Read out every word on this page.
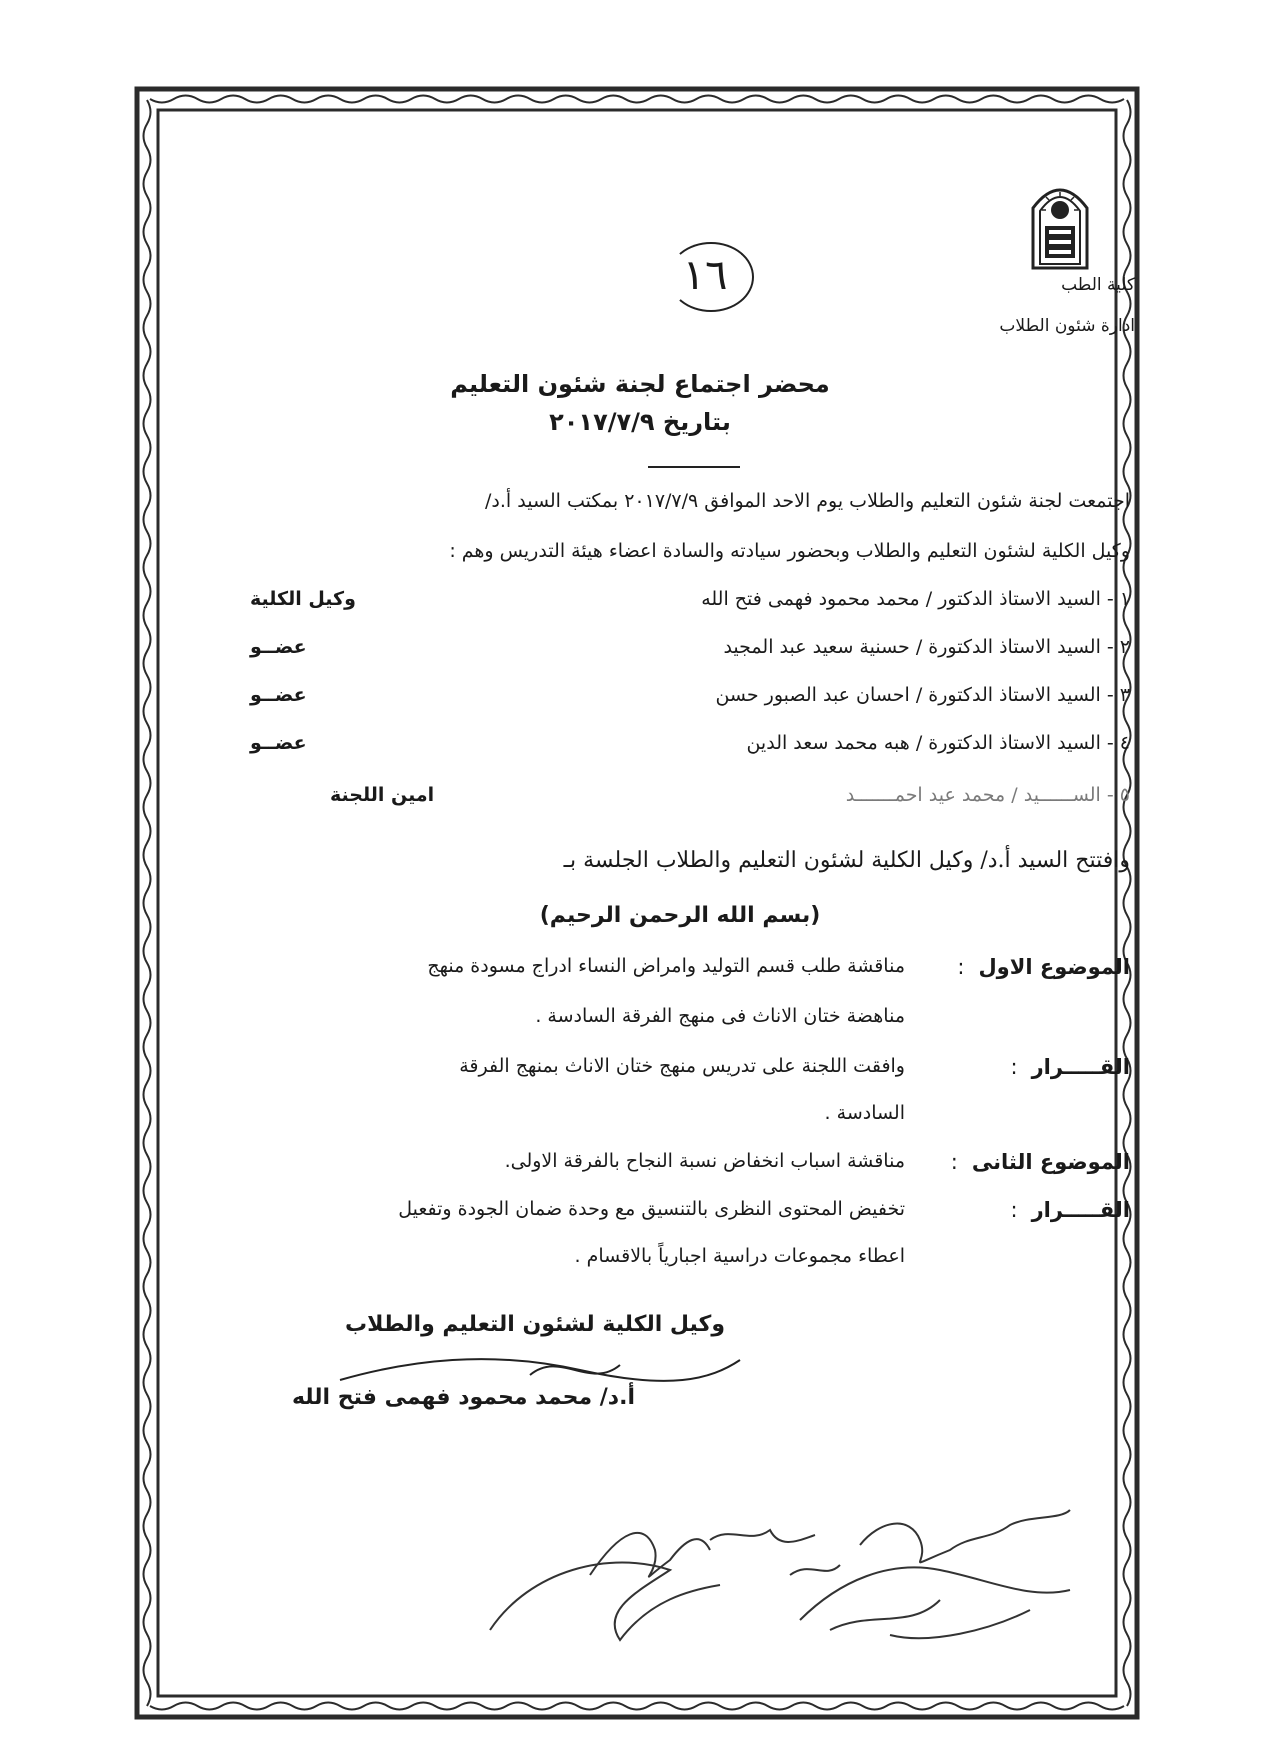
كلية الطب
ادارة شئون الطلاب
١٦
محضر اجتماع لجنة شئون التعليم
بتاريخ ٢٠١٧/٧/٩
اجتمعت لجنة شئون التعليم والطلاب يوم الاحد الموافق ٢٠١٧/٧/٩ بمكتب السيد أ.د/
وكيل الكلية لشئون التعليم والطلاب وبحضور سيادته والسادة اعضاء هيئة التدريس وهم :
١ - السيد الاستاذ الدكتور / محمد محمود فهمى فتح الله
وكيل الكلية
٢ - السيد الاستاذ الدكتورة / حسنية سعيد عبد المجيد
عضــو
٣ - السيد الاستاذ الدكتورة / احسان عبد الصبور حسن
عضــو
٤ - السيد الاستاذ الدكتورة / هبه محمد سعد الدين
عضــو
٥ - الســــــيد / محمد عيد احمـــــــد
امين اللجنة
وافتتح السيد أ.د/ وكيل الكلية لشئون التعليم والطلاب الجلسة بـ
(بسم الله الرحمن الرحيم)
الموضوع الاول:
مناقشة طلب قسم التوليد وامراض النساء ادراج مسودة منهج
مناهضة ختان الاناث فى منهج الفرقة السادسة .
القـــــرار:
وافقت اللجنة على تدريس منهج ختان الاناث بمنهج الفرقة
السادسة .
الموضوع الثانى:
مناقشة اسباب انخفاض نسبة النجاح بالفرقة الاولى.
القـــــرار:
تخفيض المحتوى النظرى بالتنسيق مع وحدة ضمان الجودة وتفعيل
اعطاء مجموعات دراسية اجبارياً بالاقسام .
وكيل الكلية لشئون التعليم والطلاب
أ.د/ محمد محمود فهمى فتح الله
